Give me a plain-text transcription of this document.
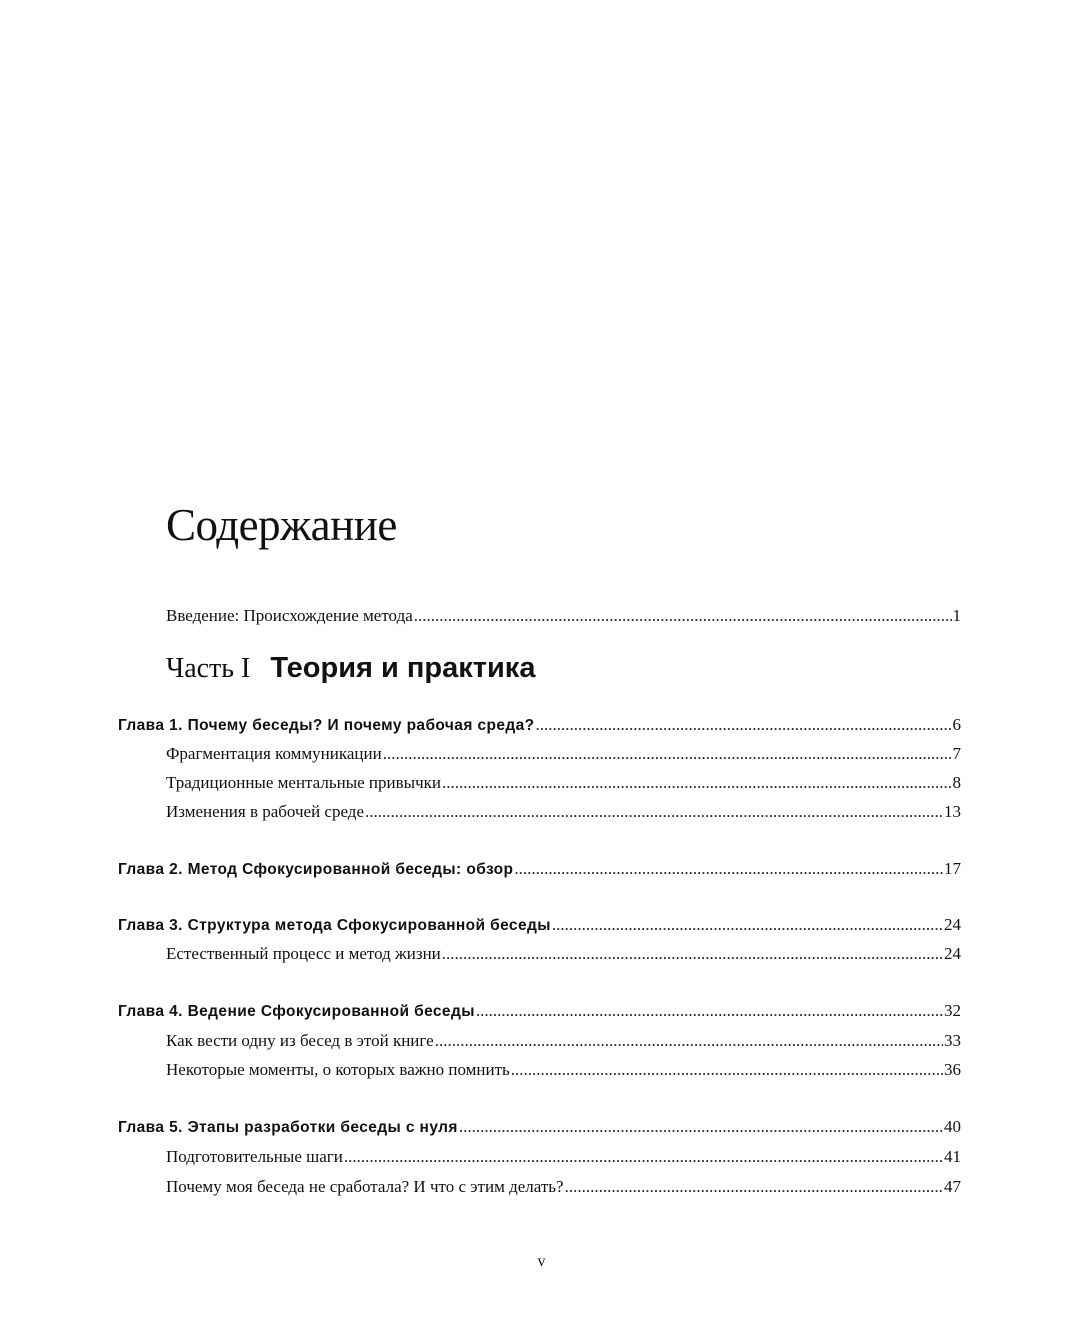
Содержание
Введение: Происхождение метода .....	1
Часть I Теория и практика
Глава 1. Почему беседы? И почему рабочая среда? .....	6
Фрагментация коммуникации .....	7
Традиционные ментальные привычки .....	8
Изменения в рабочей среде .....	13
Глава 2. Метод Сфокусированной беседы: обзор .....	17
Глава 3. Структура метода Сфокусированной беседы .....	24
Естественный процесс и метод жизни .....	24
Глава 4. Ведение Сфокусированной беседы .....	32
Как вести одну из бесед в этой книге .....	33
Некоторые моменты, о которых важно помнить .....	36
Глава 5. Этапы разработки беседы с нуля .....	40
Подготовительные шаги .....	41
Почему моя беседа не сработала? И что с этим делать? .....	47
v
